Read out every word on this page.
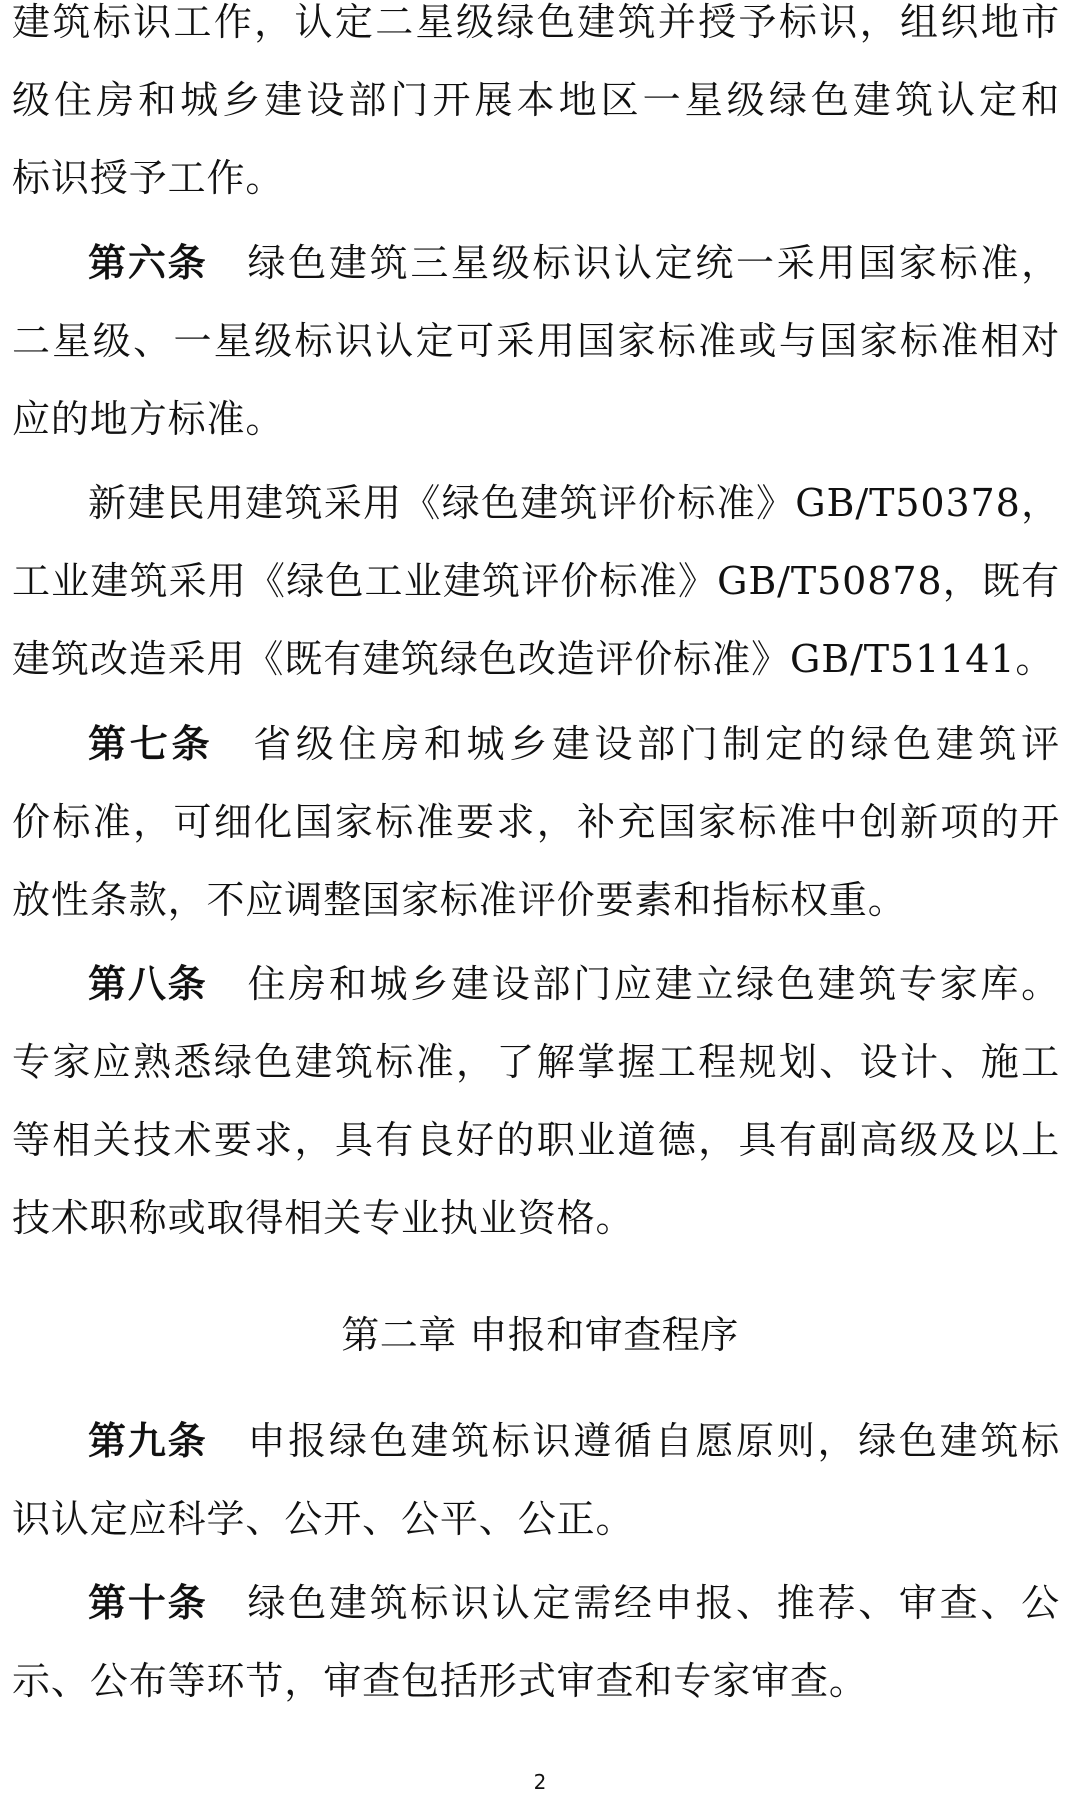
建筑标识工作，认定二星级绿色建筑并授予标识，组织地市
级住房和城乡建设部门开展本地区一星级绿色建筑认定和
标识授予工作。
第六条 绿色建筑三星级标识认定统一采用国家标准，
二星级、一星级标识认定可采用国家标准或与国家标准相对
应的地方标准。
新建民用建筑采用《绿色建筑评价标准》GB/T50378，
工业建筑采用《绿色工业建筑评价标准》GB/T50878，既有
建筑改造采用《既有建筑绿色改造评价标准》GB/T51141。
第七条 省级住房和城乡建设部门制定的绿色建筑评
价标准，可细化国家标准要求，补充国家标准中创新项的开
放性条款，不应调整国家标准评价要素和指标权重。
第八条 住房和城乡建设部门应建立绿色建筑专家库。
专家应熟悉绿色建筑标准，了解掌握工程规划、设计、施工
等相关技术要求，具有良好的职业道德，具有副高级及以上
技术职称或取得相关专业执业资格。
第二章 申报和审查程序
第九条 申报绿色建筑标识遵循自愿原则，绿色建筑标
识认定应科学、公开、公平、公正。
第十条 绿色建筑标识认定需经申报、推荐、审查、公
示、公布等环节，审查包括形式审查和专家审查。
2
